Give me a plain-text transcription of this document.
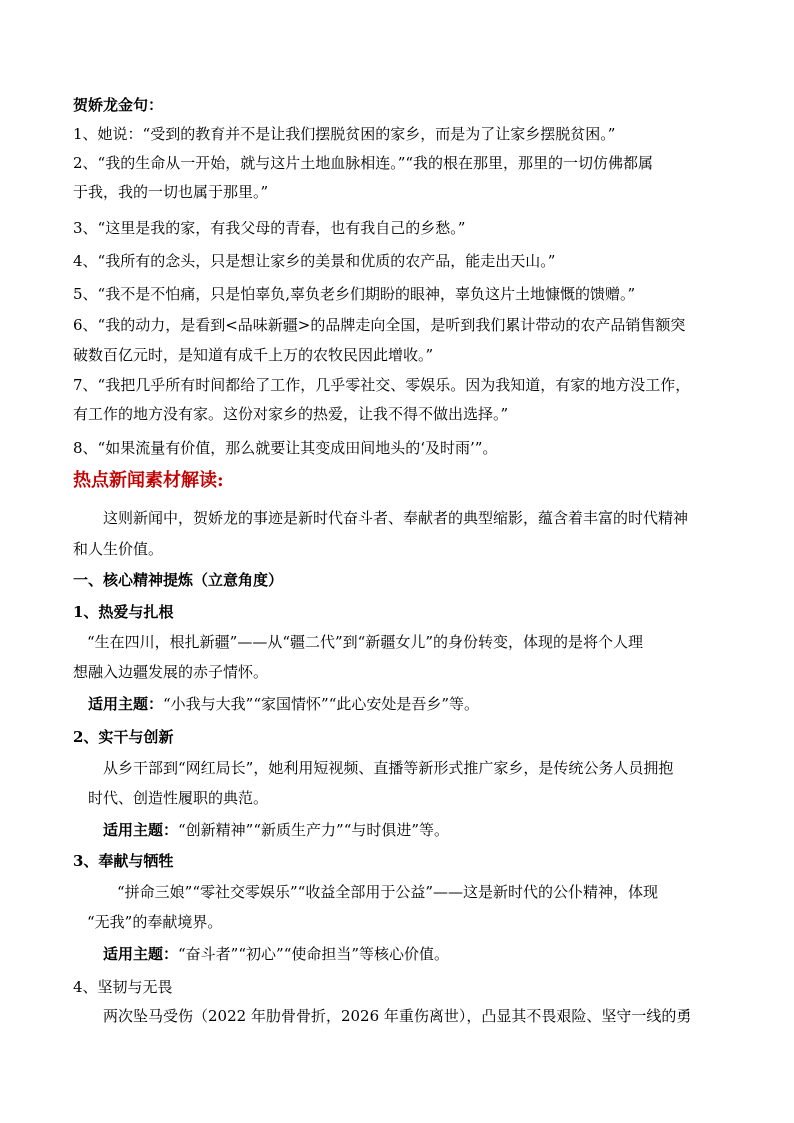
贺娇龙金句：
1、她说：“受到的教育并不是让我们摆脱贫困的家乡，而是为了让家乡摆脱贫困。”
2、“我的生命从一开始，就与这片土地血脉相连。”“我的根在那里，那里的一切仿佛都属
于我，我的一切也属于那里。”
3、“这里是我的家，有我父母的青春，也有我自己的乡愁。”
4、“我所有的念头，只是想让家乡的美景和优质的农产品，能走出天山。”
5、“我不是不怕痛，只是怕辜负,辜负老乡们期盼的眼神，辜负这片土地慷慨的馈赠。”
6、“我的动力，是看到<品味新疆>的品牌走向全国，是听到我们累计带动的农产品销售额突
破数百亿元时，是知道有成千上万的农牧民因此增收。”
7、“我把几乎所有时间都给了工作，几乎零社交、零娱乐。因为我知道，有家的地方没工作，
有工作的地方没有家。这份对家乡的热爱，让我不得不做出选择。”
8、“如果流量有价值，那么就要让其变成田间地头的‘及时雨’”。
热点新闻素材解读:
这则新闻中，贺娇龙的事迹是新时代奋斗者、奉献者的典型缩影，蕴含着丰富的时代精神
和人生价值。
一、核心精神提炼（立意角度）
1、热爱与扎根
“生在四川，根扎新疆”——从“疆二代”到“新疆女儿”的身份转变，体现的是将个人理
想融入边疆发展的赤子情怀。
适用主题：“小我与大我”“家国情怀”“此心安处是吾乡”等。
2、实干与创新
从乡干部到“网红局长”，她利用短视频、直播等新形式推广家乡，是传统公务人员拥抱
时代、创造性履职的典范。
适用主题：“创新精神”“新质生产力”“与时俱进”等。
3、奉献与牺牲
“拼命三娘”“零社交零娱乐”“收益全部用于公益”——这是新时代的公仆精神，体现
“无我”的奉献境界。
适用主题：“奋斗者”“初心”“使命担当”等核心价值。
4、坚韧与无畏
两次坠马受伤（2022 年肋骨骨折，2026 年重伤离世），凸显其不畏艰险、坚守一线的勇
